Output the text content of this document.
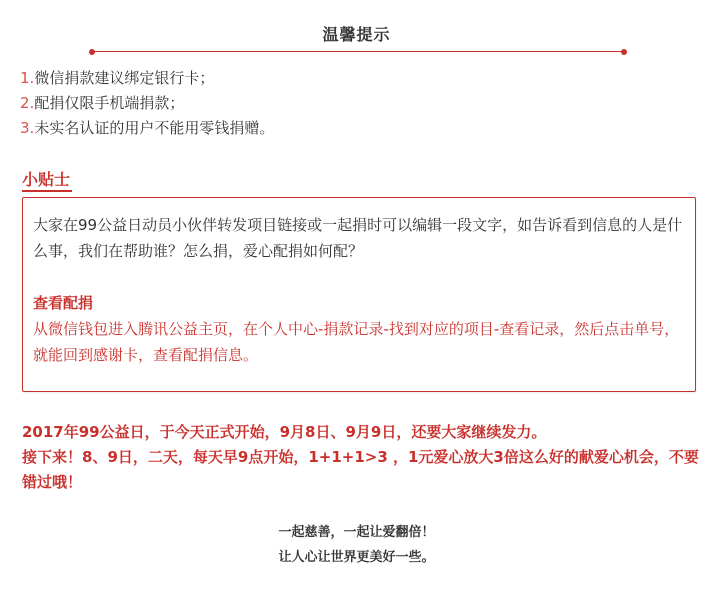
温馨提示
1.微信捐款建议绑定银行卡；
2.配捐仅限手机端捐款；
3.未实名认证的用户不能用零钱捐赠。
小贴士
大家在99公益日动员小伙伴转发项目链接或一起捐时可以编辑一段文字，如告诉看到信息的人是什么事，我们在帮助谁？怎么捐，爱心配捐如何配？
查看配捐
从微信钱包进入腾讯公益主页，在个人中心-捐款记录-找到对应的项目-查看记录，然后点击单号，就能回到感谢卡，查看配捐信息。
2017年99公益日，于今天正式开始，9月8日、9月9日，还要大家继续发力。
接下来！8、9日，二天，每天早9点开始，1+1+1>3 ，1元爱心放大3倍这么好的献爱心机会，不要错过哦！
一起慈善，一起让爱翻倍！
让人心让世界更美好一些。
